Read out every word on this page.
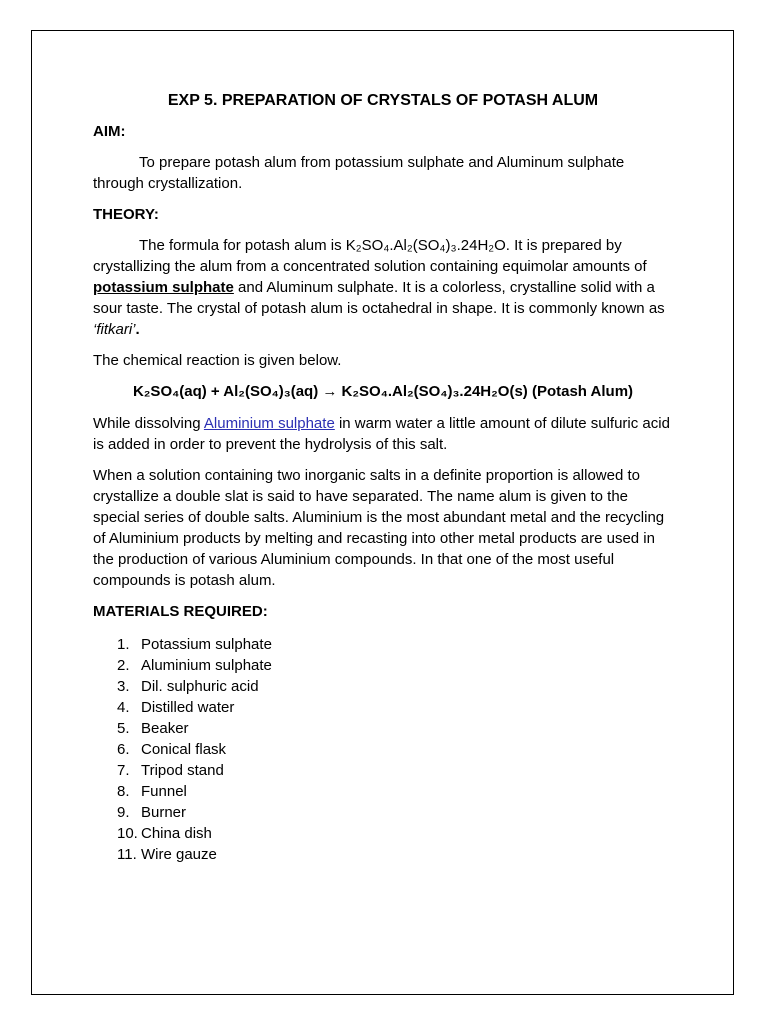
EXP 5. PREPARATION OF CRYSTALS OF POTASH ALUM
AIM:

To prepare potash alum from potassium sulphate and Aluminum sulphate through crystallization.

THEORY:

The formula for potash alum is K₂SO₄.Al₂(SO₄)₃.24H₂O. It is prepared by crystallizing the alum from a concentrated solution containing equimolar amounts of potassium sulphate and Aluminum sulphate. It is a colorless, crystalline solid with a sour taste. The crystal of potash alum is octahedral in shape. It is commonly known as ‘fitkari’.

The chemical reaction is given below.

K₂SO₄(aq) + Al₂(SO₄)₃(aq) → K₂SO₄.Al₂(SO₄)₃.24H₂O(s) (Potash Alum)

While dissolving Aluminium sulphate in warm water a little amount of dilute sulfuric acid is added in order to prevent the hydrolysis of this salt.

When a solution containing two inorganic salts in a definite proportion is allowed to crystallize a double slat is said to have separated. The name alum is given to the special series of double salts. Aluminium is the most abundant metal and the recycling of Aluminium products by melting and recasting into other metal products are used in the production of various Aluminium compounds. In that one of the most useful compounds is potash alum.

MATERIALS REQUIRED:
1. Potassium sulphate
2. Aluminium sulphate
3. Dil. sulphuric acid
4. Distilled water
5. Beaker
6. Conical flask
7. Tripod stand
8. Funnel
9. Burner
10. China dish
11. Wire gauze
